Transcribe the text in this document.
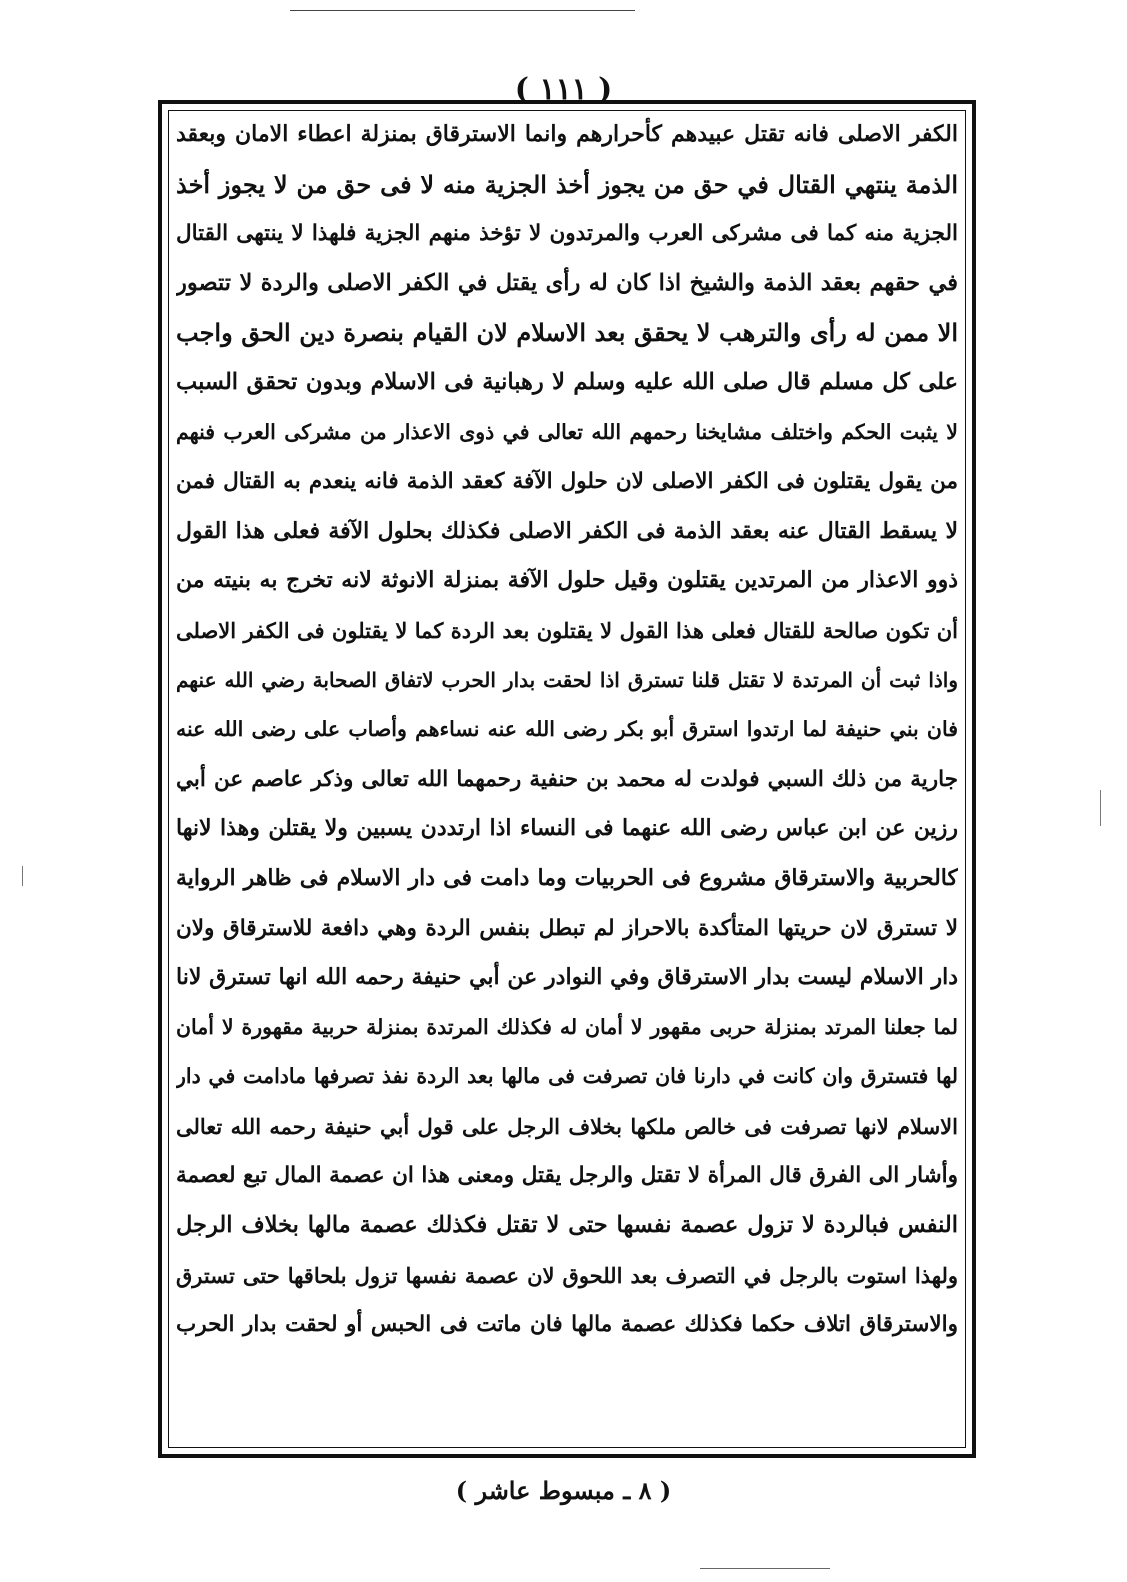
( ١١١ )
الكفر الاصلى فانه تقتل عبيدهم كأحرارهم وانما الاسترقاق بمنزلة اعطاء الامان وبعقد
الذمة ينتهي القتال في حق من يجوز أخذ الجزية منه لا فى حق من لا يجوز أخذ
الجزية منه كما فى مشركى العرب والمرتدون لا تؤخذ منهم الجزية فلهذا لا ينتهى القتال
في حقهم بعقد الذمة والشيخ اذا كان له رأى يقتل في الكفر الاصلى والردة لا تتصور
الا ممن له رأى والترهب لا يحقق بعد الاسلام لان القيام بنصرة دين الحق واجب
على كل مسلم قال صلى الله عليه وسلم لا رهبانية فى الاسلام وبدون تحقق السبب
لا يثبت الحكم واختلف مشايخنا رحمهم الله تعالى في ذوى الاعذار من مشركى العرب فنهم
من يقول يقتلون فى الكفر الاصلى لان حلول الآفة كعقد الذمة فانه ينعدم به القتال فمن
لا يسقط القتال عنه بعقد الذمة فى الكفر الاصلى فكذلك بحلول الآفة فعلى هذا القول
ذوو الاعذار من المرتدين يقتلون وقيل حلول الآفة بمنزلة الانوثة لانه تخرج به بنيته من
أن تكون صالحة للقتال فعلى هذا القول لا يقتلون بعد الردة كما لا يقتلون فى الكفر الاصلى
واذا ثبت أن المرتدة لا تقتل قلنا تسترق اذا لحقت بدار الحرب لاتفاق الصحابة رضي الله عنهم
فان بني حنيفة لما ارتدوا استرق أبو بكر رضى الله عنه نساءهم وأصاب على رضى الله عنه
جارية من ذلك السبي فولدت له محمد بن حنفية رحمهما الله تعالى وذكر عاصم عن أبي
رزين عن ابن عباس رضى الله عنهما فى النساء اذا ارتددن يسبين ولا يقتلن وهذا لانها
كالحربية والاسترقاق مشروع فى الحربيات وما دامت فى دار الاسلام فى ظاهر الرواية
لا تسترق لان حريتها المتأكدة بالاحراز لم تبطل بنفس الردة وهي دافعة للاسترقاق ولان
دار الاسلام ليست بدار الاسترقاق وفي النوادر عن أبي حنيفة رحمه الله انها تسترق لانا
لما جعلنا المرتد بمنزلة حربى مقهور لا أمان له فكذلك المرتدة بمنزلة حربية مقهورة لا أمان
لها فتسترق وان كانت في دارنا فان تصرفت فى مالها بعد الردة نفذ تصرفها مادامت في دار
الاسلام لانها تصرفت فى خالص ملكها بخلاف الرجل على قول أبي حنيفة رحمه الله تعالى
وأشار الى الفرق قال المرأة لا تقتل والرجل يقتل ومعنى هذا ان عصمة المال تبع لعصمة
النفس فبالردة لا تزول عصمة نفسها حتى لا تقتل فكذلك عصمة مالها بخلاف الرجل
ولهذا استوت بالرجل في التصرف بعد اللحوق لان عصمة نفسها تزول بلحاقها حتى تسترق
والاسترقاق اتلاف حكما فكذلك عصمة مالها فان ماتت فى الحبس أو لحقت بدار الحرب
( ٨ ـ مبسوط عاشر )
